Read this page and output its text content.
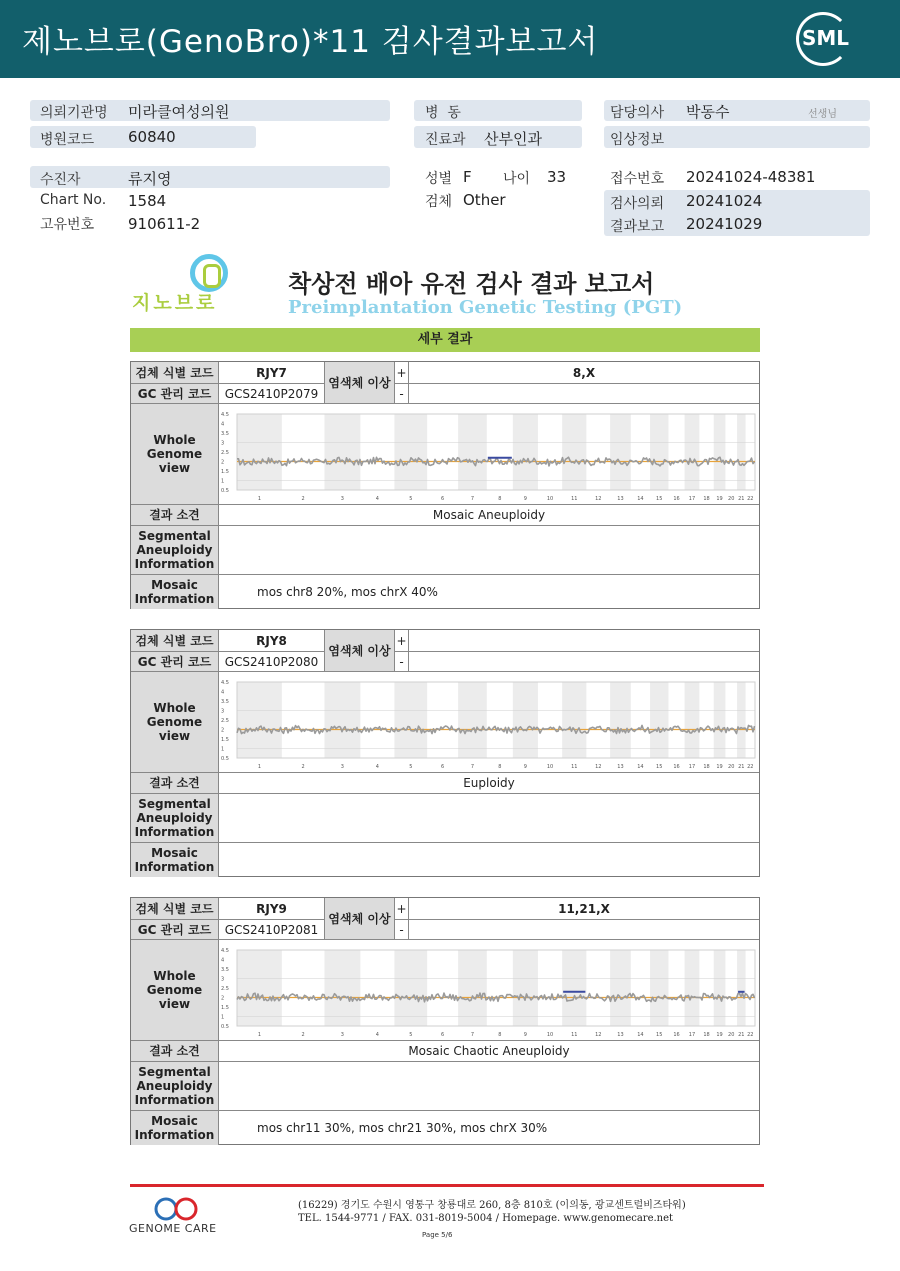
제노브로(GenoBro)*11 검사결과보고서	SML
의뢰기관명 미라클여성의원
병원코드 60840
병  동
진료과 산부인과
담당의사 박동수	선생님
임상정보
수진자	류지영
Chart No. 1584
고유번호 910611-2
성별 F 나이 33
검체 Other
접수번호 20241024-48381
검사의뢰 20241024
결과보고 20241029
지노브로
착상전 배아 유전 검사 결과 보고서
Preimplantation Genetic Testing (PGT)
세부 결과
검체 식별 코드	RJY7	+	8,X
GC 관리 코드	GCS2410P2079	-
염색체 이상
Whole Genome view
4.5
4
3.5
3
2.5
2
1.5
1
0.5
1	2	3	4	5	6	7	8	9	10	11	12	13	14 15 16 17 18 19 20 21 22
결과 소견	Mosaic Aneuploidy
Segmental Aneuploidy Information
Mosaic Information	mos chr8 20%, mos chrX 40%
검체 식별 코드	RJY8	+
GC 관리 코드	GCS2410P2080	-
염색체 이상
Whole Genome view
4.5
4
3.5
3
2.5
2
1.5
1
0.5
1	2	3	4	5	6	7	8	9	10	11	12	13	14 15 16 17 18 19 20 21 22
결과 소견	Euploidy
Segmental Aneuploidy Information
Mosaic Information
검체 식별 코드	RJY9	+	11,21,X
GC 관리 코드	GCS2410P2081	-
염색체 이상
Whole Genome view
4.5
4
3.5
3
2.5
2
1.5
1
0.5
1	2	3	4	5	6	7	8	9	10	11	12	13	14 15 16 17 18 19 20 21 22
결과 소견	Mosaic Chaotic Aneuploidy
Segmental Aneuploidy Information
Mosaic Information	mos chr11 30%, mos chr21 30%, mos chrX 30%
GENOME CARE
(16229) 경기도 수원시 영통구 창룡대로 260, 8층 810호 (이의동, 광교센트럴비즈타워)
TEL. 1544-9771 / FAX. 031-8019-5004 / Homepage. www.genomecare.net
Page 5/6
